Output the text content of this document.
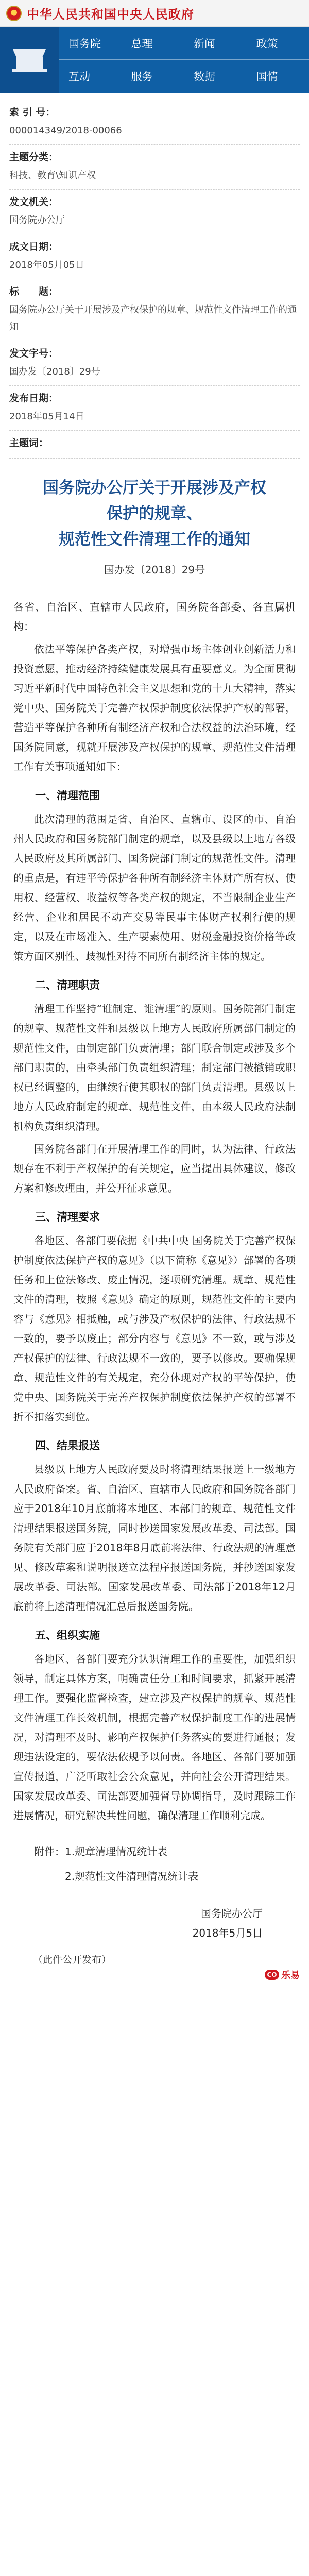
中华人民共和国中央人民政府
国务院	总理	新闻	政策
互动	服务	数据	国情
索 引 号：
000014349/2018-00066
主题分类：
科技、教育\知识产权
发文机关：
国务院办公厅
成文日期：
2018年05月05日
标　　题：
国务院办公厅关于开展涉及产权保护的规章、规范性文件清理工作的通知
发文字号：
国办发〔2018〕29号
发布日期：
2018年05月14日
主题词：
国务院办公厅关于开展涉及产权
保护的规章、
规范性文件清理工作的通知
国办发〔2018〕29号

各省、自治区、直辖市人民政府，国务院各部委、各直属机构：

依法平等保护各类产权，对增强市场主体创业创新活力和投资意愿，推动经济持续健康发展具有重要意义。为全面贯彻习近平新时代中国特色社会主义思想和党的十九大精神，落实党中央、国务院关于完善产权保护制度依法保护产权的部署，营造平等保护各种所有制经济产权和合法权益的法治环境，经国务院同意，现就开展涉及产权保护的规章、规范性文件清理工作有关事项通知如下：

一、清理范围

此次清理的范围是省、自治区、直辖市、设区的市、自治州人民政府和国务院部门制定的规章，以及县级以上地方各级人民政府及其所属部门、国务院部门制定的规范性文件。清理的重点是，有违平等保护各种所有制经济主体财产所有权、使用权、经营权、收益权等各类产权的规定，不当限制企业生产经营、企业和居民不动产交易等民事主体财产权利行使的规定，以及在市场准入、生产要素使用、财税金融投资价格等政策方面区别性、歧视性对待不同所有制经济主体的规定。

二、清理职责

清理工作坚持“谁制定、谁清理”的原则。国务院部门制定的规章、规范性文件和县级以上地方人民政府所属部门制定的规范性文件，由制定部门负责清理；部门联合制定或涉及多个部门职责的，由牵头部门负责组织清理；制定部门被撤销或职权已经调整的，由继续行使其职权的部门负责清理。县级以上地方人民政府制定的规章、规范性文件，由本级人民政府法制机构负责组织清理。

国务院各部门在开展清理工作的同时，认为法律、行政法规存在不利于产权保护的有关规定，应当提出具体建议，修改方案和修改理由，并公开征求意见。

三、清理要求

各地区、各部门要依据《中共中央 国务院关于完善产权保护制度依法保护产权的意见》（以下简称《意见》）部署的各项任务和上位法修改、废止情况，逐项研究清理。规章、规范性文件的清理，按照《意见》确定的原则，规范性文件的主要内容与《意见》相抵触，或与涉及产权保护的法律、行政法规不一致的，要予以废止；部分内容与《意见》不一致，或与涉及产权保护的法律、行政法规不一致的，要予以修改。要确保规章、规范性文件的有关规定，充分体现对产权的平等保护，使党中央、国务院关于完善产权保护制度依法保护产权的部署不折不扣落实到位。

四、结果报送

县级以上地方人民政府要及时将清理结果报送上一级地方人民政府备案。省、自治区、直辖市人民政府和国务院各部门应于2018年10月底前将本地区、本部门的规章、规范性文件清理结果报送国务院，同时抄送国家发展改革委、司法部。国务院有关部门应于2018年8月底前将法律、行政法规的清理意见、修改草案和说明报送立法程序报送国务院，并抄送国家发展改革委、司法部。国家发展改革委、司法部于2018年12月底前将上述清理情况汇总后报送国务院。

五、组织实施

各地区、各部门要充分认识清理工作的重要性，加强组织领导，制定具体方案，明确责任分工和时间要求，抓紧开展清理工作。要强化监督检查，建立涉及产权保护的规章、规范性文件清理工作长效机制，根据完善产权保护制度工作的进展情况，对清理不及时、影响产权保护任务落实的要进行通报；发现违法设定的，要依法依规予以问责。各地区、各部门要加强宣传报道，广泛听取社会公众意见，并向社会公开清理结果。国家发展改革委、司法部要加强督导协调指导，及时跟踪工作进展情况，研究解决共性问题，确保清理工作顺利完成。

附件：1.规章清理情况统计表
2.规范性文件清理情况统计表
国务院办公厅
2018年5月5日
（此件公开发布）
CO 乐易
